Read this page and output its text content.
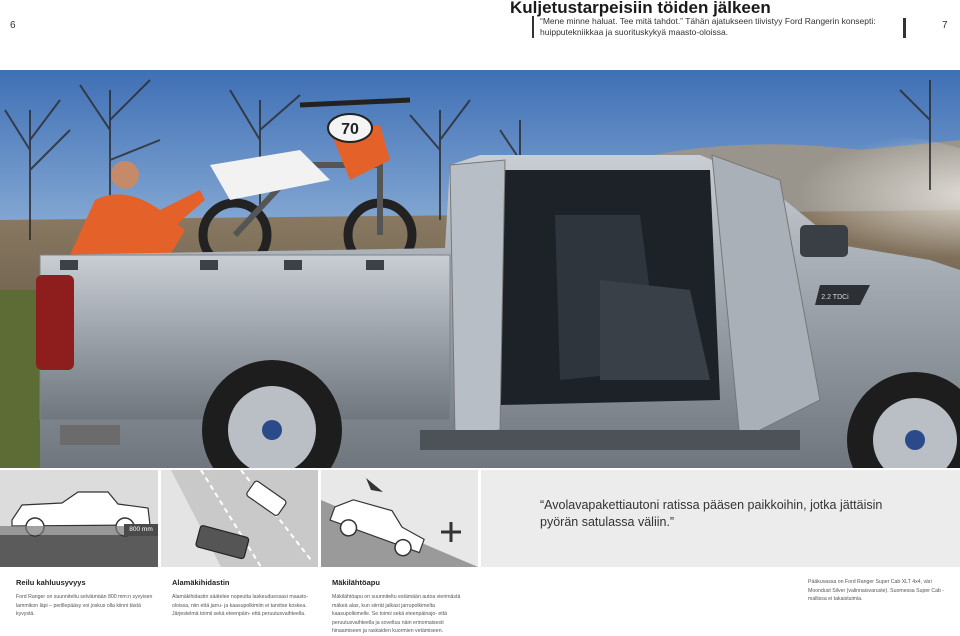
6	7
Kuljetustarpeisiin töiden jälkeen
“Mene minne haluat. Tee mitä tahdot.” Tähän ajatukseen tiivistyy Ford Rangerin konsepti: huipputekniikkaa ja suorituskykyä maasto-oloissa.
70
2.2 TDCi
800 mm
“Avolavapakettiautoni ratissa pääsen paikkoihin, jotka jättäisin pyörän satulassa väliin.”
Reilu kahluusyvyys

Ford Ranger on suunniteltu selviämään 800 mm:n syvyisen lammikon läpi – perillepääsy voi joskus olla kiinni tästä kyvystä.

Alamäkihidastin

Alamäkihidastin säätelee nopeutta laskeuduessasi maasto-oloissa, niin että jarru- ja kaasupolkimiin ei tarvitse koskea. Järjestelmä toimii sekä eteenpäin- että peruutusvaihteella.

Mäkilähtöapu

Mäkilähtöapu on suunniteltu estämään autoa vierimästä mäkeä alas, kun siirrät jalkasi jarrupolkimelta kaasupolkimelle. Se toimii sekä eteenpäinajo- että peruutusvaihteella ja soveltuu näin erinomaisesti hinaamiseen ja raskaiden kuormien vetämiseen.

Pääkuvassa on Ford Ranger Super Cab XLT 4x4, väri Moondust Silver (valinnaisvaruste). Suomessa Super Cab -mallissa ei takaistuimia.
